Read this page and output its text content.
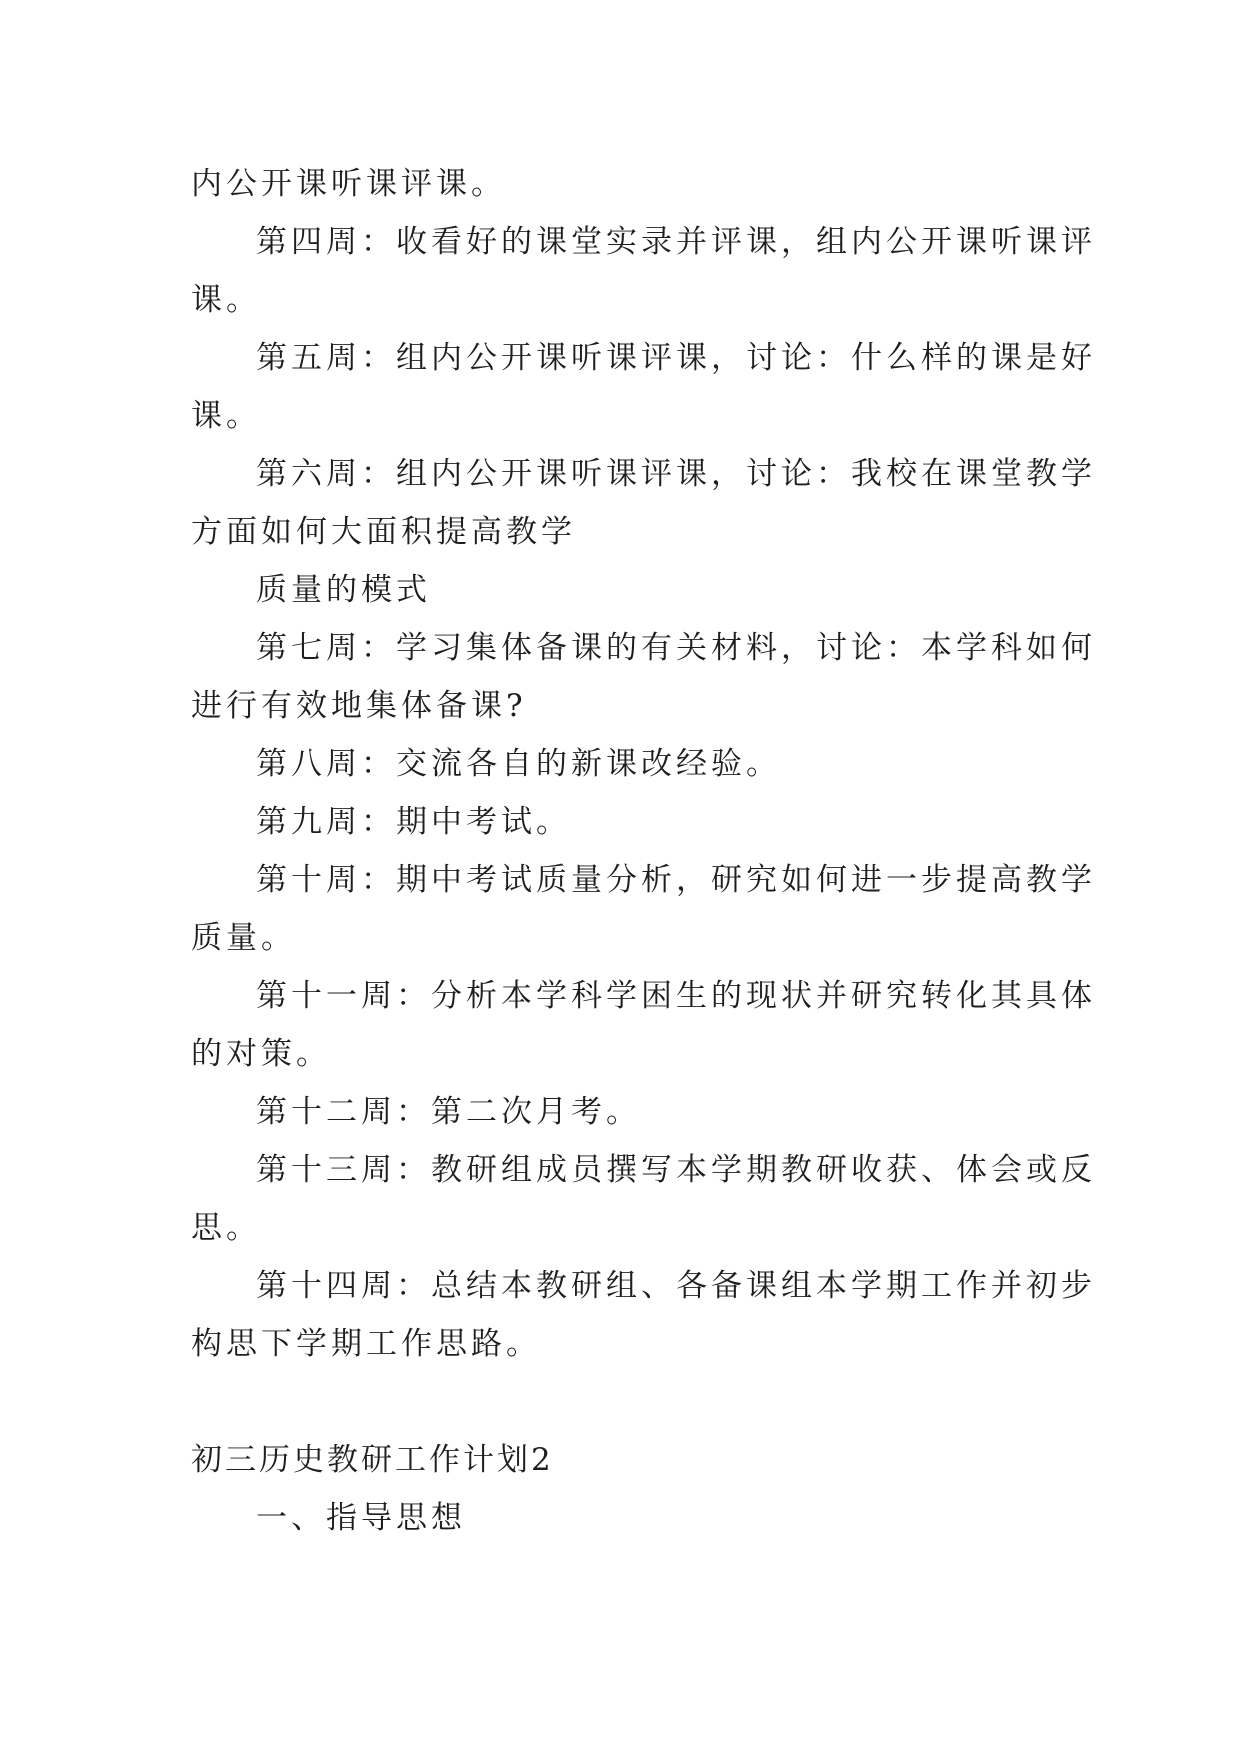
内公开课听课评课。
第四周：收看好的课堂实录并评课，组内公开课听课评
课。
第五周：组内公开课听课评课，讨论：什么样的课是好
课。
第六周：组内公开课听课评课，讨论：我校在课堂教学
方面如何大面积提高教学
质量的模式
第七周：学习集体备课的有关材料，讨论：本学科如何
进行有效地集体备课?
第八周：交流各自的新课改经验。
第九周：期中考试。
第十周：期中考试质量分析，研究如何进一步提高教学
质量。
第十一周：分析本学科学困生的现状并研究转化其具体
的对策。
第十二周：第二次月考。
第十三周：教研组成员撰写本学期教研收获、体会或反
思。
第十四周：总结本教研组、各备课组本学期工作并初步
构思下学期工作思路。
初三历史教研工作计划2
一、指导思想
